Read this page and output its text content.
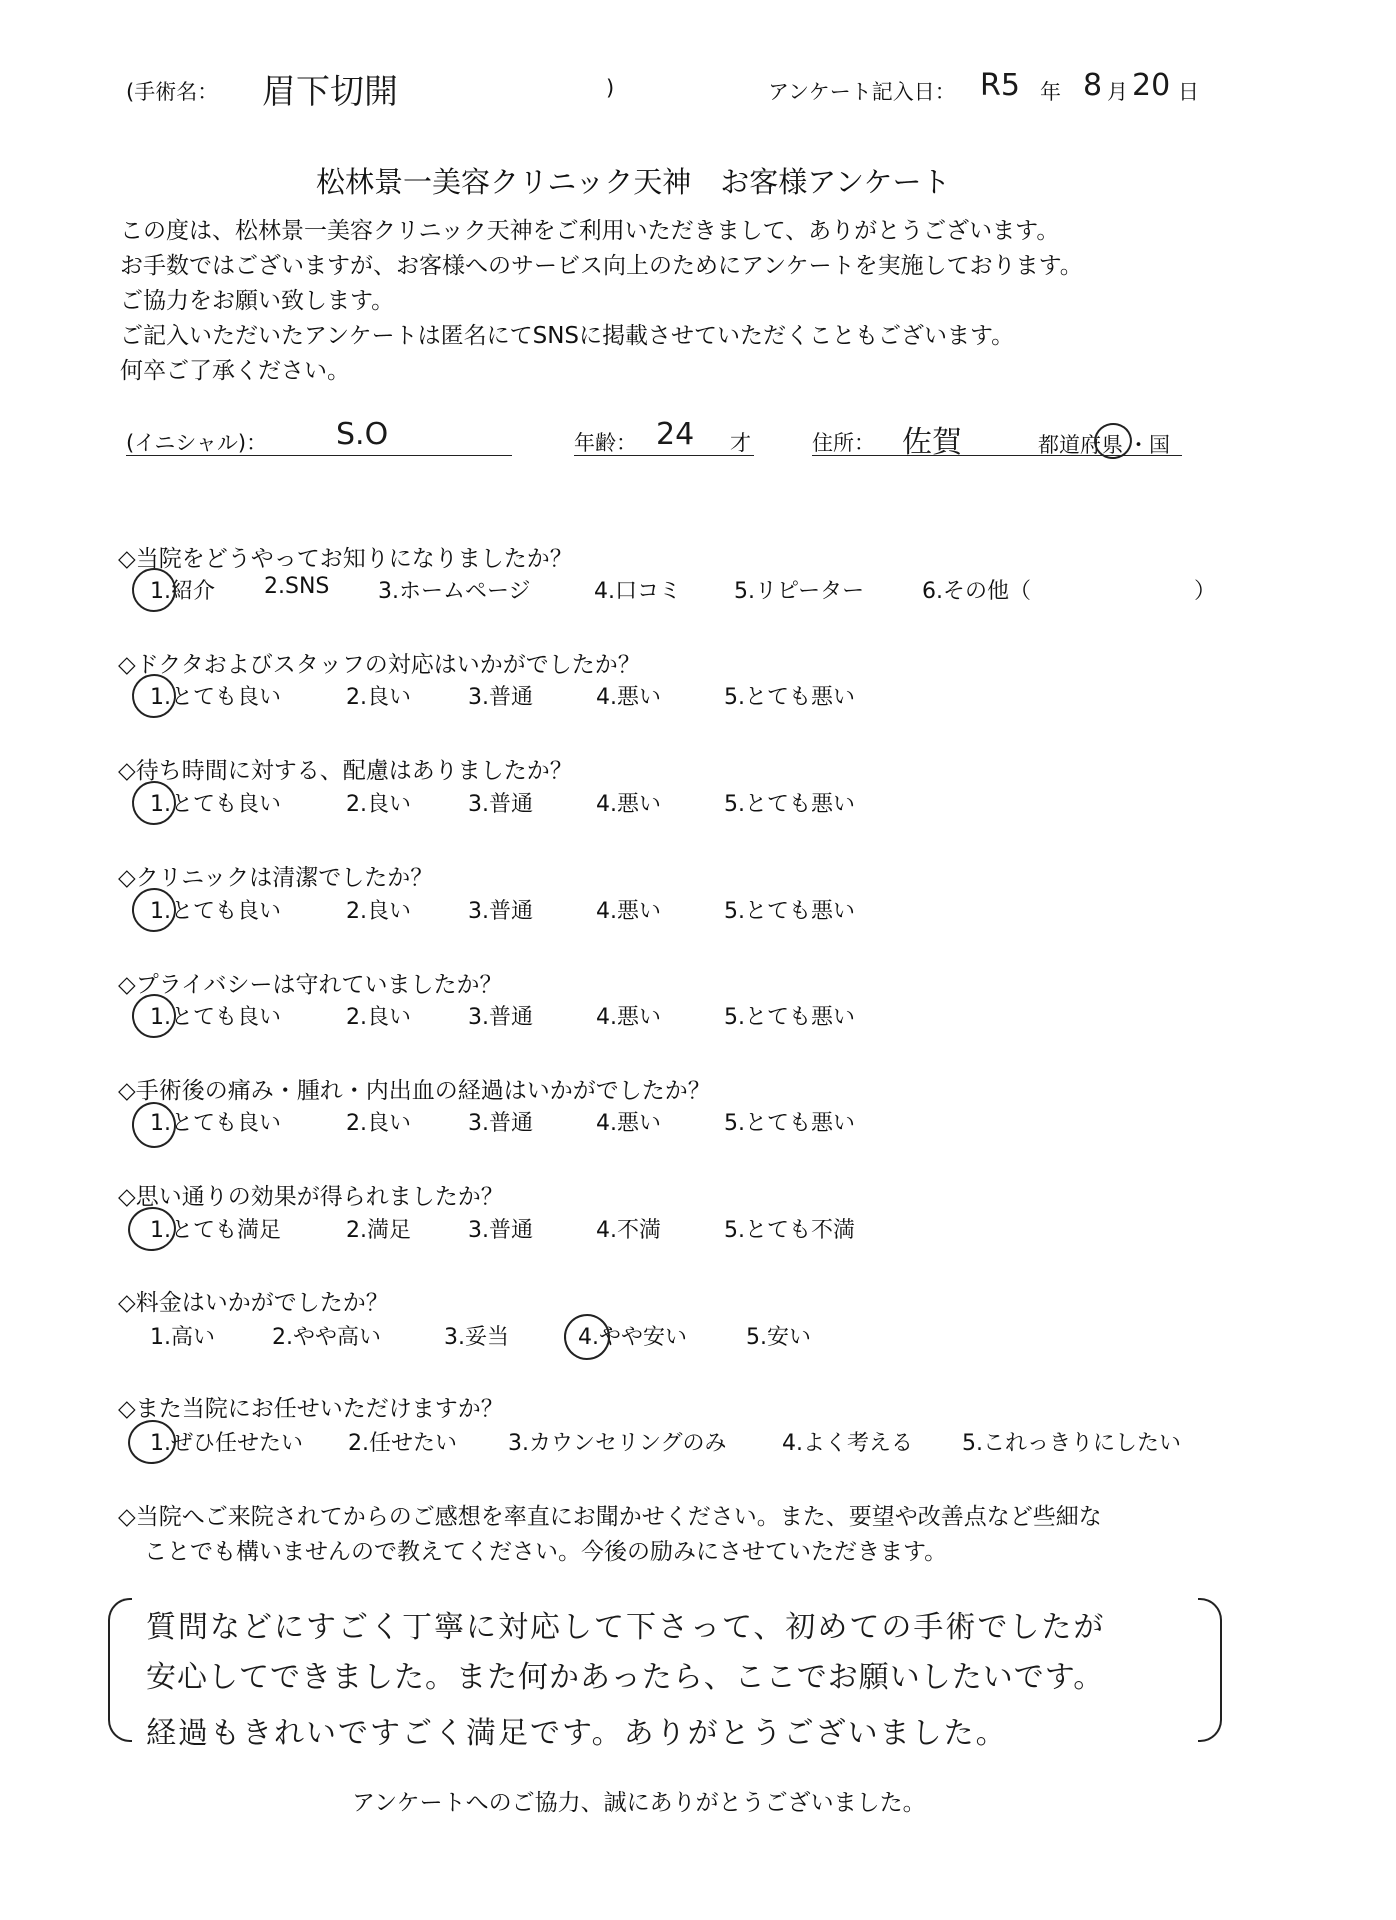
(手術名： 眉下切開	)	アンケート記入日： R5 年 8 月 20 日
松林景一美容クリニック天神　お客様アンケート
この度は、松林景一美容クリニック天神をご利用いただきまして、ありがとうございます。
お手数ではございますが、お客様へのサービス向上のためにアンケートを実施しております。
ご協力をお願い致します。
ご記入いただいたアンケートは匿名にてSNSに掲載させていただくこともございます。
何卒ご了承ください。
(イニシャル)： S.O	年齢： 24 才	住所： 佐賀	都道府 県 ・国
◇当院をどうやってお知りになりましたか？
1.紹介 2.SNS 3.ホームページ	4.口コミ 5.リピーター	6.その他（	）
◇ドクタおよびスタッフの対応はいかがでしたか？
1.とても良い	2.良い	3.普通	4.悪い	5.とても悪い
◇待ち時間に対する、配慮はありましたか？
1.とても良い	2.良い	3.普通	4.悪い	5.とても悪い
◇クリニックは清潔でしたか？
1.とても良い	2.良い	3.普通	4.悪い	5.とても悪い
◇プライバシーは守れていましたか？
1.とても良い	2.良い	3.普通	4.悪い	5.とても悪い
◇手術後の痛み・腫れ・内出血の経過はいかがでしたか？
1.とても良い	2.良い	3.普通	4.悪い	5.とても悪い
◇思い通りの効果が得られましたか？
1.とても満足	2.満足	3.普通	4.不満	5.とても不満
◇料金はいかがでしたか？
1.高い	2.やや高い	3.妥当	4.やや安い	5.安い
◇また当院にお任せいただけますか？
1.ぜひ任せたい 2.任せたい 3.カウンセリングのみ	4.よく考える 5.これっきりにしたい
◇当院へご来院されてからのご感想を率直にお聞かせください。また、要望や改善点など些細な
ことでも構いませんので教えてください。今後の励みにさせていただきます。
質問などにすごく丁寧に対応して下さって、初めての手術でしたが
安心してできました。また何かあったら、ここでお願いしたいです。
経過もきれいですごく満足です。ありがとうございました。
アンケートへのご協力、誠にありがとうございました。
